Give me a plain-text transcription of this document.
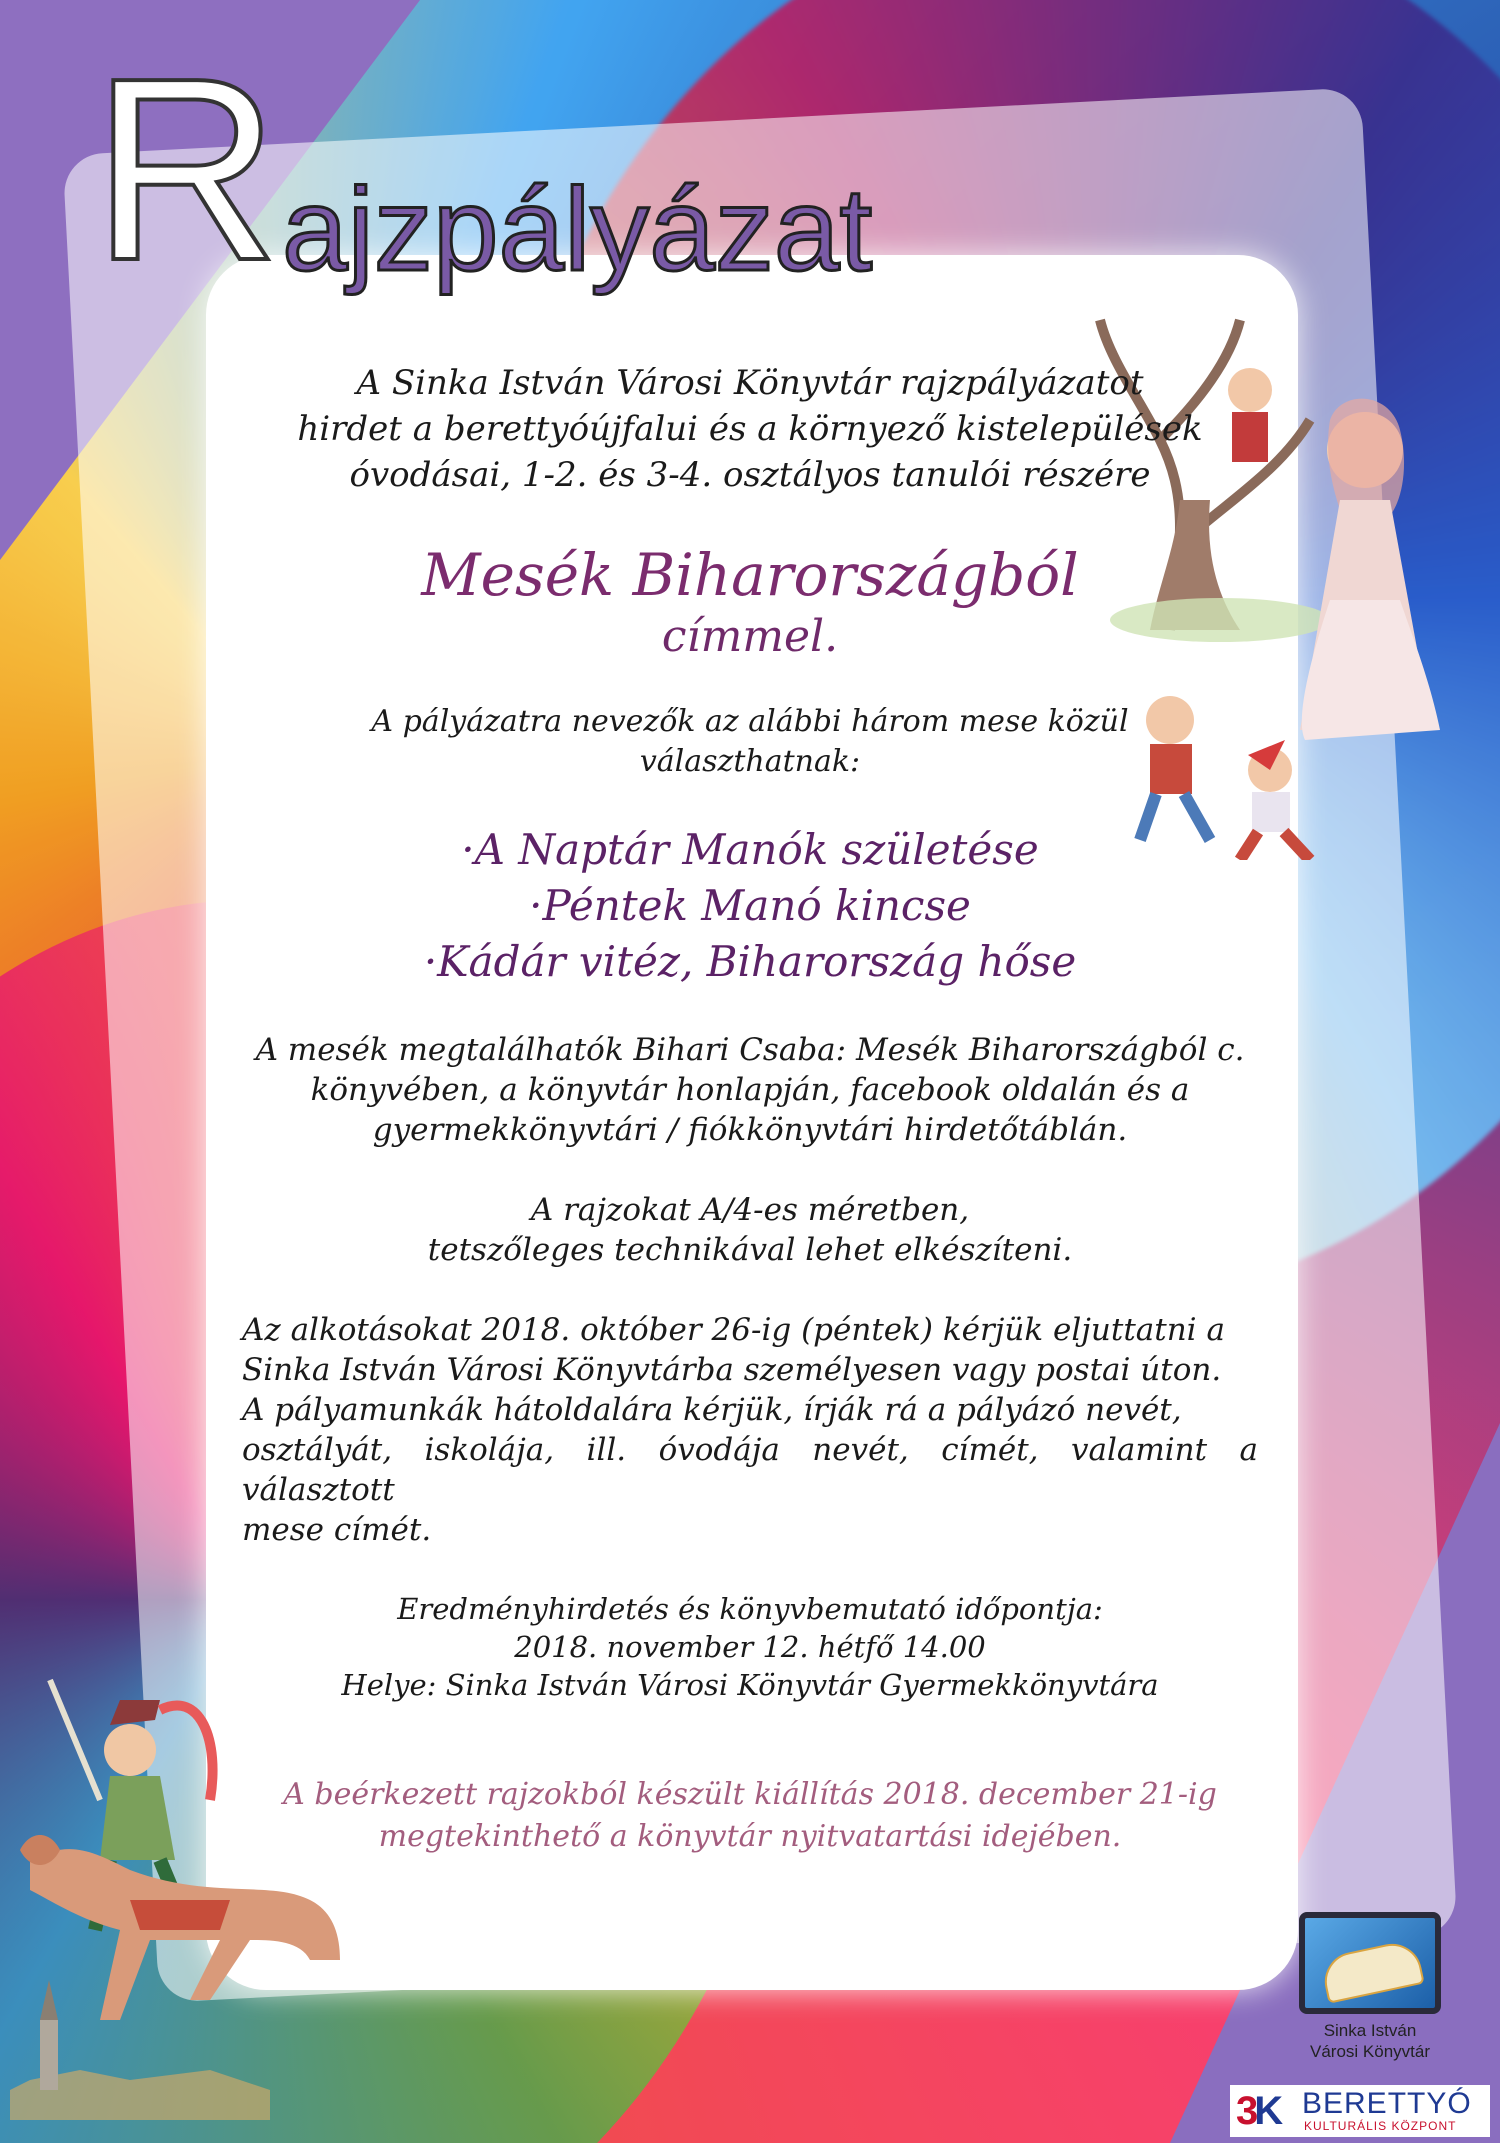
R ajzpályázat

A Sinka István Városi Könyvtár rajzpályázatot
hirdet a berettyóújfalui és a környező kistelepülések
óvodásai, 1-2. és 3-4. osztályos tanulói részére

Mesék Biharországból

címmel.

A pályázatra nevezők az alábbi három mese közül
választhatnak:

·A Naptár Manók születése
·Péntek Manó kincse
·Kádár vitéz, Biharország hőse

A mesék megtalálhatók Bihari Csaba: Mesék Biharországból c.
könyvében, a könyvtár honlapján, facebook oldalán és a
gyermekkönyvtári / fiókkönyvtári hirdetőtáblán.

A rajzokat A/4-es méretben,
tetszőleges technikával lehet elkészíteni.

Az alkotásokat 2018. október 26-ig (péntek) kérjük eljuttatni a
Sinka István Városi Könyvtárba személyesen vagy postai úton.
A pályamunkák hátoldalára kérjük, írják rá a pályázó nevét,
osztályát, iskolája, ill. óvodája nevét, címét, valamint a választott
mese címét.

Eredményhirdetés és könyvbemutató időpontja:
2018. november 12. hétfő 14.00
Helye: Sinka István Városi Könyvtár Gyermekkönyvtára

A beérkezett rajzokból készült kiállítás 2018. december 21-ig
megtekinthető a könyvtár nyitvatartási idejében.

Sinka István
Városi Könyvtár
3K BERETTYÓ
KULTURÁLIS KÖZPONT
